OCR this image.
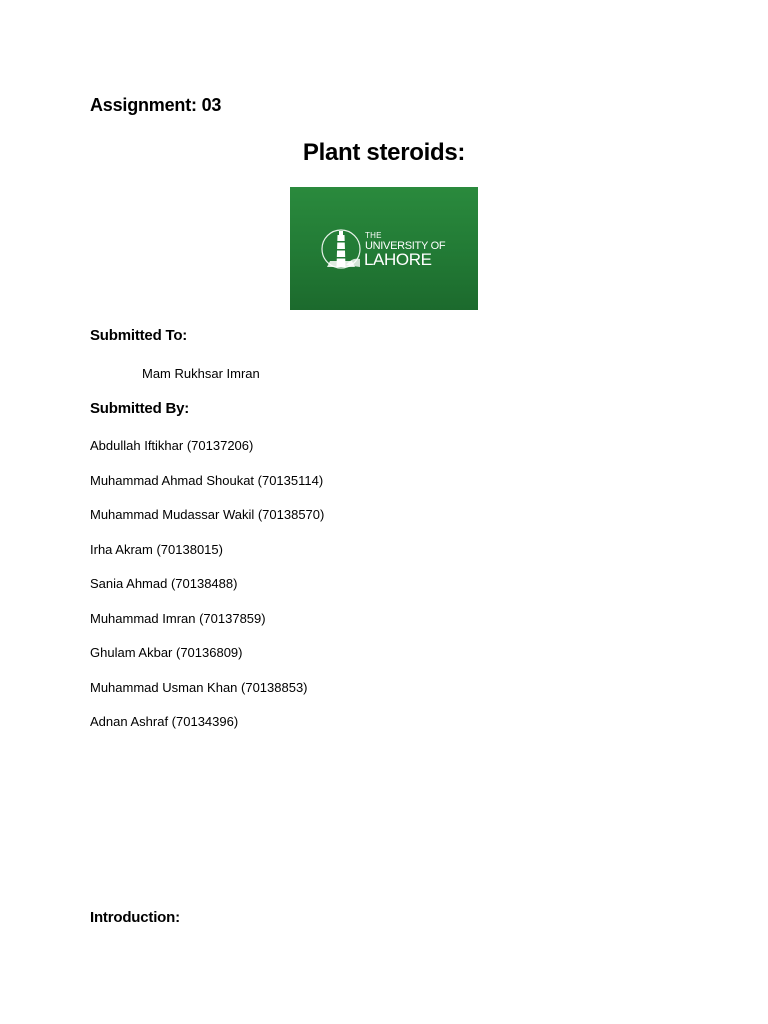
Assignment: 03
Plant steroids:
THE
UNIVERSITY OF
LAHORE
Submitted To:
Mam Rukhsar Imran
Submitted By:
Abdullah Iftikhar (70137206)
Muhammad Ahmad Shoukat (70135114)
Muhammad Mudassar Wakil (70138570)
Irha Akram (70138015)
Sania Ahmad (70138488)
Muhammad Imran (70137859)
Ghulam Akbar (70136809)
Muhammad Usman Khan (70138853)
Adnan Ashraf (70134396)
Introduction:
